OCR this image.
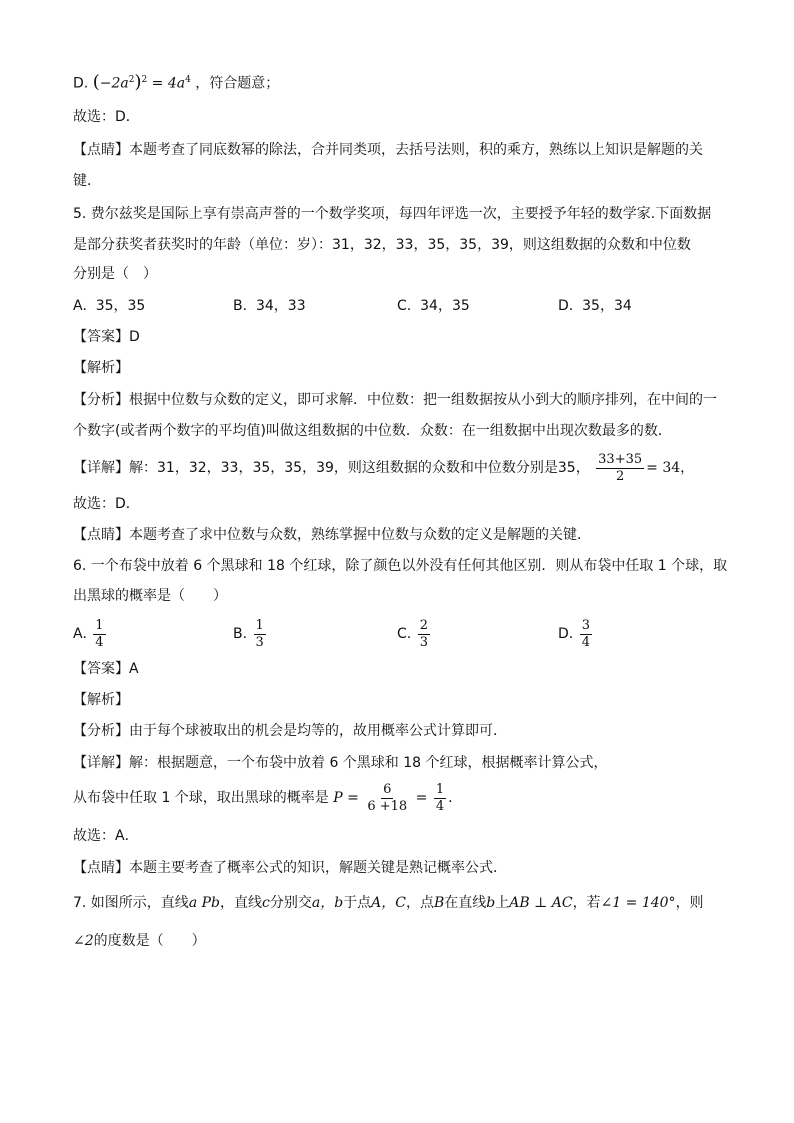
D. $(-2a^2)^2 = 4a^4$ ，符合题意；
故选：D．
【点睛】本题考查了同底数幂的除法，合并同类项，去括号法则，积的乘方，熟练以上知识是解题的关
键．
5. 费尔兹奖是国际上享有崇高声誉的一个数学奖项，每四年评选一次，主要授予年轻的数学家.下面数据
是部分获奖者获奖时的年龄（单位：岁）：31，32，33，35，35，39，则这组数据的众数和中位数
分别是（　）
A. 35，35	B. 34，33	C. 34，35	D. 35，34
【答案】D
【解析】
【分析】根据中位数与众数的定义，即可求解．中位数：把一组数据按从小到大的顺序排列，在中间的一
个数字(或者两个数字的平均值)叫做这组数据的中位数．众数：在一组数据中出现次数最多的数．
【详解】解：31，32，33，35，35，39，则这组数据的众数和中位数分别是35， $\frac{33+35}{2} = 34$，
故选：D．
【点睛】本题考查了求中位数与众数，熟练掌握中位数与众数的定义是解题的关键．
6. 一个布袋中放着 6 个黑球和 18 个红球，除了颜色以外没有任何其他区别．则从布袋中任取 1 个球，取
出黑球的概率是（　　）
A. $\frac{1}{4}$	B. $\frac{1}{3}$	C. $\frac{2}{3}$	D. $\frac{3}{4}$
【答案】A
【解析】
【分析】由于每个球被取出的机会是均等的，故用概率公式计算即可．
【详解】解：根据题意，一个布袋中放着 6 个黑球和 18 个红球，根据概率计算公式，
从布袋中任取 1 个球，取出黑球的概率是 $P = \frac{6}{6 +18} = \frac{1}{4}$ ．
故选：A．
【点睛】本题主要考查了概率公式的知识，解题关键是熟记概率公式．
7. 如图所示，直线a Pb，直线c分别交a，b于点A，C，点B在直线b上AB ⊥ AC，若∠1 = 140°，则
∠2的度数是（　　）
